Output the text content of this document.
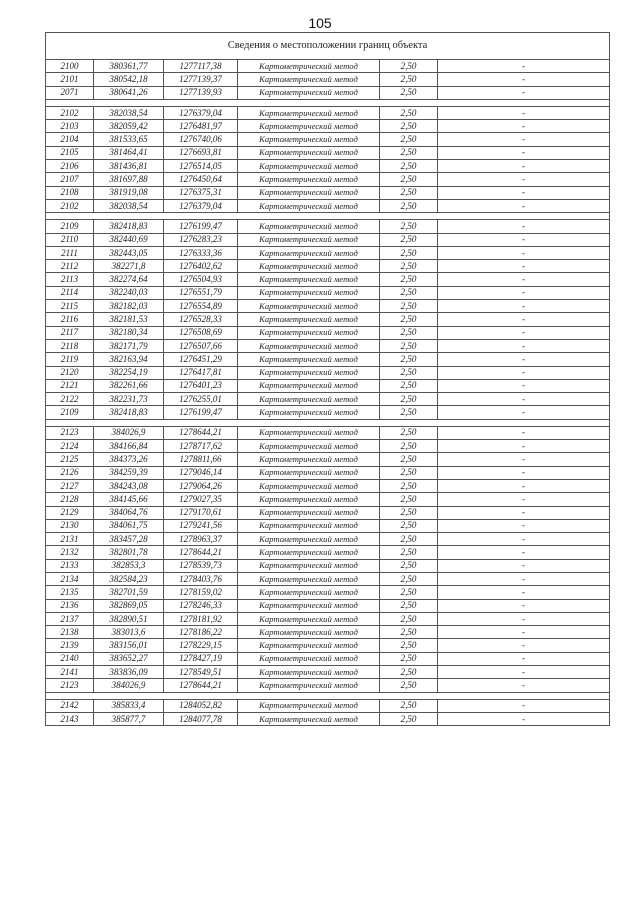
105
Сведения о местоположении границ объекта					
2100	380361,77	1277117,38	Картометрический метод	2,50	-
2101	380542,18	1277139,37	Картометрический метод	2,50	-
2071	380641,26	1277139,93	Картометрический метод	2,50	-

2102	382038,54	1276379,04	Картометрический метод	2,50	-
2103	382059,42	1276481,97	Картометрический метод	2,50	-
2104	381533,65	1276740,06	Картометрический метод	2,50	-
2105	381464,41	1276693,81	Картометрический метод	2,50	-
2106	381436,81	1276514,05	Картометрический метод	2,50	-
2107	381697,88	1276450,64	Картометрический метод	2,50	-
2108	381919,08	1276375,31	Картометрический метод	2,50	-
2102	382038,54	1276379,04	Картометрический метод	2,50	-

2109	382418,83	1276199,47	Картометрический метод	2,50	-
2110	382440,69	1276283,23	Картометрический метод	2,50	-
2111	382443,05	1276333,36	Картометрический метод	2,50	-
2112	382271,8	1276402,62	Картометрический метод	2,50	-
2113	382274,64	1276504,93	Картометрический метод	2,50	-
2114	382240,03	1276551,79	Картометрический метод	2,50	-
2115	382182,03	1276554,89	Картометрический метод	2,50	-
2116	382181,53	1276528,33	Картометрический метод	2,50	-
2117	382180,34	1276508,69	Картометрический метод	2,50	-
2118	382171,79	1276507,66	Картометрический метод	2,50	-
2119	382163,94	1276451,29	Картометрический метод	2,50	-
2120	382254,19	1276417,81	Картометрический метод	2,50	-
2121	382261,66	1276401,23	Картометрический метод	2,50	-
2122	382231,73	1276255,01	Картометрический метод	2,50	-
2109	382418,83	1276199,47	Картометрический метод	2,50	-

2123	384026,9	1278644,21	Картометрический метод	2,50	-
2124	384166,84	1278717,62	Картометрический метод	2,50	-
2125	384373,26	1278811,66	Картометрический метод	2,50	-
2126	384259,39	1279046,14	Картометрический метод	2,50	-
2127	384243,08	1279064,26	Картометрический метод	2,50	-
2128	384145,66	1279027,35	Картометрический метод	2,50	-
2129	384064,76	1279170,61	Картометрический метод	2,50	-
2130	384061,75	1279241,56	Картометрический метод	2,50	-
2131	383457,28	1278963,37	Картометрический метод	2,50	-
2132	382801,78	1278644,21	Картометрический метод	2,50	-
2133	382853,3	1278539,73	Картометрический метод	2,50	-
2134	382584,23	1278403,76	Картометрический метод	2,50	-
2135	382701,59	1278159,02	Картометрический метод	2,50	-
2136	382869,05	1278246,33	Картометрический метод	2,50	-
2137	382890,51	1278181,92	Картометрический метод	2,50	-
2138	383013,6	1278186,22	Картометрический метод	2,50	-
2139	383156,01	1278229,15	Картометрический метод	2,50	-
2140	383652,27	1278427,19	Картометрический метод	2,50	-
2141	383836,09	1278549,51	Картометрический метод	2,50	-
2123	384026,9	1278644,21	Картометрический метод	2,50	-

2142	385833,4	1284052,82	Картометрический метод	2,50	-
2143	385877,7	1284077,78	Картометрический метод	2,50	-
